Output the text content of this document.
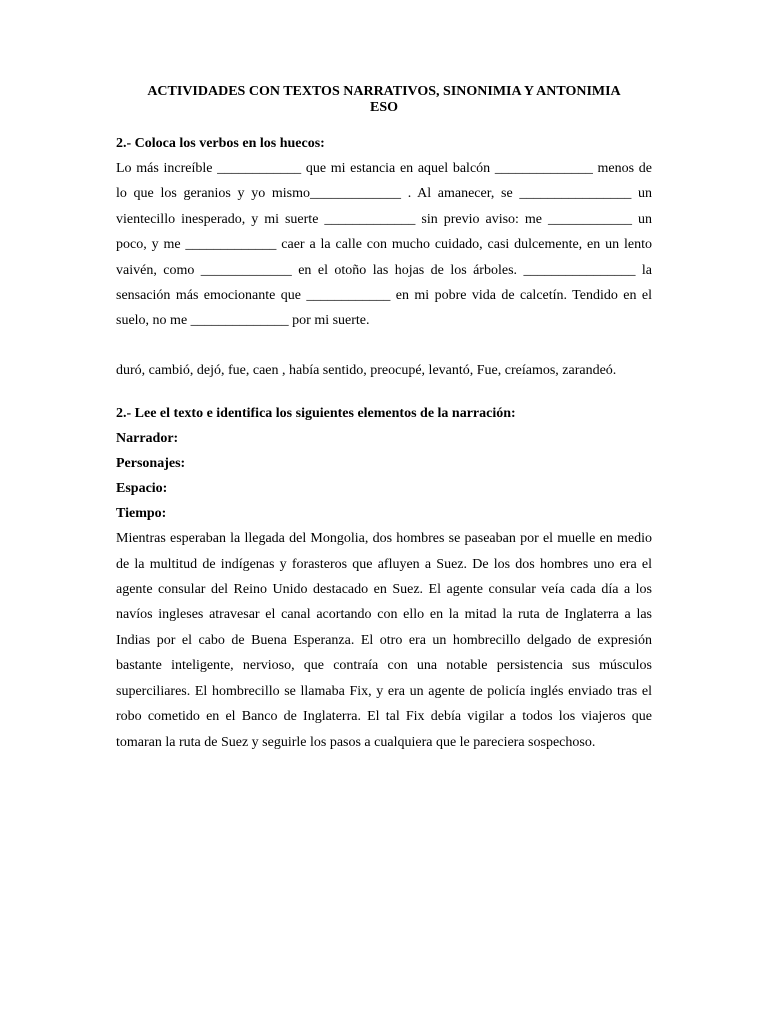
ACTIVIDADES CON TEXTOS NARRATIVOS, SINONIMIA Y ANTONIMIA
ESO

2.- Coloca los verbos en los huecos:

Lo más increíble ____________ que mi estancia en aquel balcón ______________ menos de lo que los geranios y yo mismo_____________ . Al amanecer, se ________________ un vientecillo inesperado, y mi suerte _____________ sin previo aviso: me ____________ un poco, y me _____________ caer a la calle con mucho cuidado, casi dulcemente, en un lento vaivén, como _____________ en el otoño las hojas de los árboles. ________________ la sensación más emocionante que ____________ en mi pobre vida de calcetín. Tendido en el suelo, no me ______________ por mi suerte.

duró, cambió, dejó, fue, caen , había sentido, preocupé, levantó, Fue, creíamos, zarandeó.

2.- Lee el texto e identifica los siguientes elementos de la narración:

Narrador:

Personajes:

Espacio:

Tiempo:

Mientras esperaban la llegada del Mongolia, dos hombres se paseaban por el muelle en medio de la multitud de indígenas y forasteros que afluyen a Suez. De los dos hombres uno era el agente consular del Reino Unido destacado en Suez. El agente consular veía cada día a los navíos ingleses atravesar el canal acortando con ello en la mitad la ruta de Inglaterra a las Indias por el cabo de Buena Esperanza. El otro era un hombrecillo delgado de expresión bastante inteligente, nervioso, que contraía con una notable persistencia sus músculos superciliares. El hombrecillo se llamaba Fix, y era un agente de policía inglés enviado tras el robo cometido en el Banco de Inglaterra. El tal Fix debía vigilar a todos los viajeros que tomaran la ruta de Suez y seguirle los pasos a cualquiera que le pareciera sospechoso.
